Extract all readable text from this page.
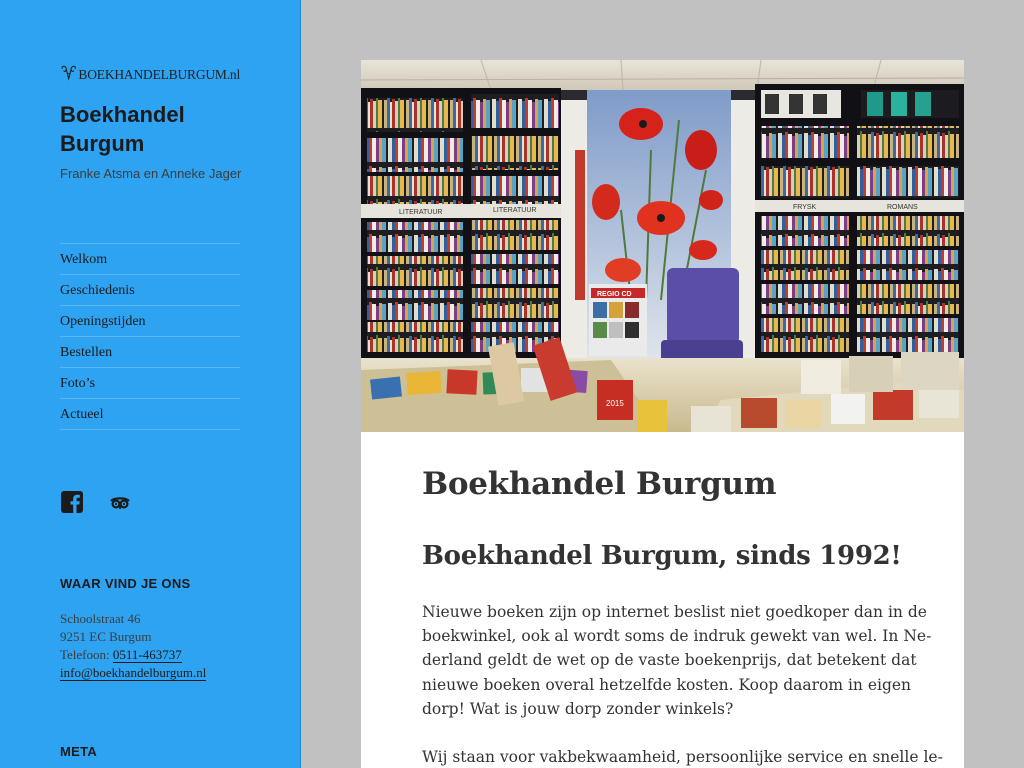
BOEKHANDELBURGUM.nl
Boekhandel
Burgum
Franke Atsma en Anneke Jager
Welkom
Geschiedenis
Openingstijden
Bestellen
Foto’s
Actueel
WAAR VIND JE ONS
Schoolstraat 46
9251 EC Burgum
Telefoon: 0511-463737
info@boekhandelburgum.nl
META
LITERATUUR	LITERATUUR
REGIO CD
FRYSK	ROMANS
2015
Boekhandel Burgum
Boekhandel Burgum, sinds 1992!
Nieuwe boeken zijn op internet beslist niet goedkoper dan in de
boekwinkel, ook al wordt soms de indruk gewekt van wel. In Ne-
derland geldt de wet op de vaste boekenprijs, dat betekent dat
nieuwe boeken overal hetzelfde kosten. Koop daarom in eigen
dorp! Wat is jouw dorp zonder winkels?
Wij staan voor vakbekwaamheid, persoonlijke service en snelle le-
